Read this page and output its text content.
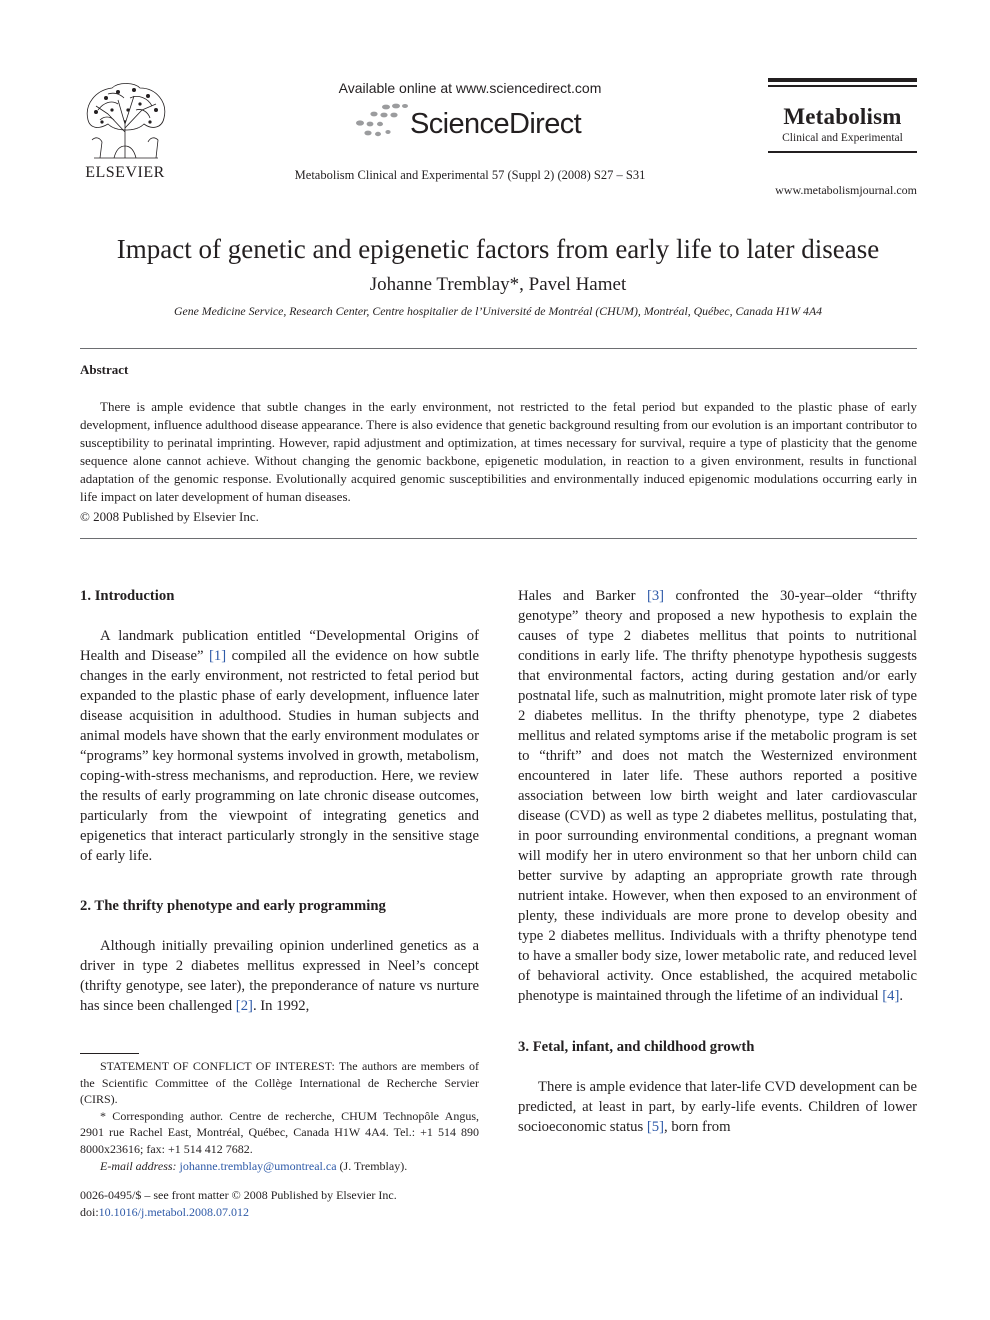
ELSEVIER
Available online at www.sciencedirect.com
ScienceDirect
Metabolism Clinical and Experimental 57 (Suppl 2) (2008) S27 – S31
Metabolism
Clinical and Experimental
www.metabolismjournal.com
Impact of genetic and epigenetic factors from early life to later disease
Johanne Tremblay*, Pavel Hamet
Gene Medicine Service, Research Center, Centre hospitalier de l’Université de Montréal (CHUM), Montréal, Québec, Canada H1W 4A4
Abstract

There is ample evidence that subtle changes in the early environment, not restricted to the fetal period but expanded to the plastic phase of early development, influence adulthood disease appearance. There is also evidence that genetic background resulting from our evolution is an important contributor to susceptibility to perinatal imprinting. However, rapid adjustment and optimization, at times necessary for survival, require a type of plasticity that the genome sequence alone cannot achieve. Without changing the genomic backbone, epigenetic modulation, in reaction to a given environment, results in functional adaptation of the genomic response. Evolutionally acquired genomic susceptibilities and environmentally induced epigenomic modulations occurring early in life impact on later development of human diseases.

© 2008 Published by Elsevier Inc.
1. Introduction

A landmark publication entitled “Developmental Origins of Health and Disease” [1] compiled all the evidence on how subtle changes in the early environment, not restricted to fetal period but expanded to the plastic phase of early development, influence later disease acquisition in adulthood. Studies in human subjects and animal models have shown that the early environment modulates or “programs” key hormonal systems involved in growth, metabolism, coping-with-stress mechanisms, and reproduction. Here, we review the results of early programming on late chronic disease outcomes, particularly from the viewpoint of integrating genetics and epigenetics that interact particularly strongly in the sensitive stage of early life.

2. The thrifty phenotype and early programming

Although initially prevailing opinion underlined genetics as a driver in type 2 diabetes mellitus expressed in Neel’s concept (thrifty genotype, see later), the preponderance of nature vs nurture has since been challenged [2]. In 1992,

STATEMENT OF CONFLICT OF INTEREST: The authors are members of the Scientific Committee of the Collège International de Recherche Servier (CIRS).

* Corresponding author. Centre de recherche, CHUM Technopôle Angus, 2901 rue Rachel East, Montréal, Québec, Canada H1W 4A4. Tel.: +1 514 890 8000x23616; fax: +1 514 412 7682.

E-mail address: johanne.tremblay@umontreal.ca (J. Tremblay).

0026-0495/$ – see front matter © 2008 Published by Elsevier Inc.
doi:10.1016/j.metabol.2008.07.012

Hales and Barker [3] confronted the 30-year–older “thrifty genotype” theory and proposed a new hypothesis to explain the causes of type 2 diabetes mellitus that points to nutritional conditions in early life. The thrifty phenotype hypothesis suggests that environmental factors, acting during gestation and/or early postnatal life, such as malnutrition, might promote later risk of type 2 diabetes mellitus. In the thrifty phenotype, type 2 diabetes mellitus and related symptoms arise if the metabolic program is set to “thrift” and does not match the Westernized environment encountered in later life. These authors reported a positive association between low birth weight and later cardiovascular disease (CVD) as well as type 2 diabetes mellitus, postulating that, in poor surrounding environmental conditions, a pregnant woman will modify her in utero environment so that her unborn child can better survive by adapting an appropriate growth rate through nutrient intake. However, when then exposed to an environment of plenty, these individuals are more prone to develop obesity and type 2 diabetes mellitus. Individuals with a thrifty phenotype tend to have a smaller body size, lower metabolic rate, and reduced level of behavioral activity. Once established, the acquired metabolic phenotype is maintained through the lifetime of an individual [4].

3. Fetal, infant, and childhood growth

There is ample evidence that later-life CVD development can be predicted, at least in part, by early-life events. Children of lower socioeconomic status [5], born from
